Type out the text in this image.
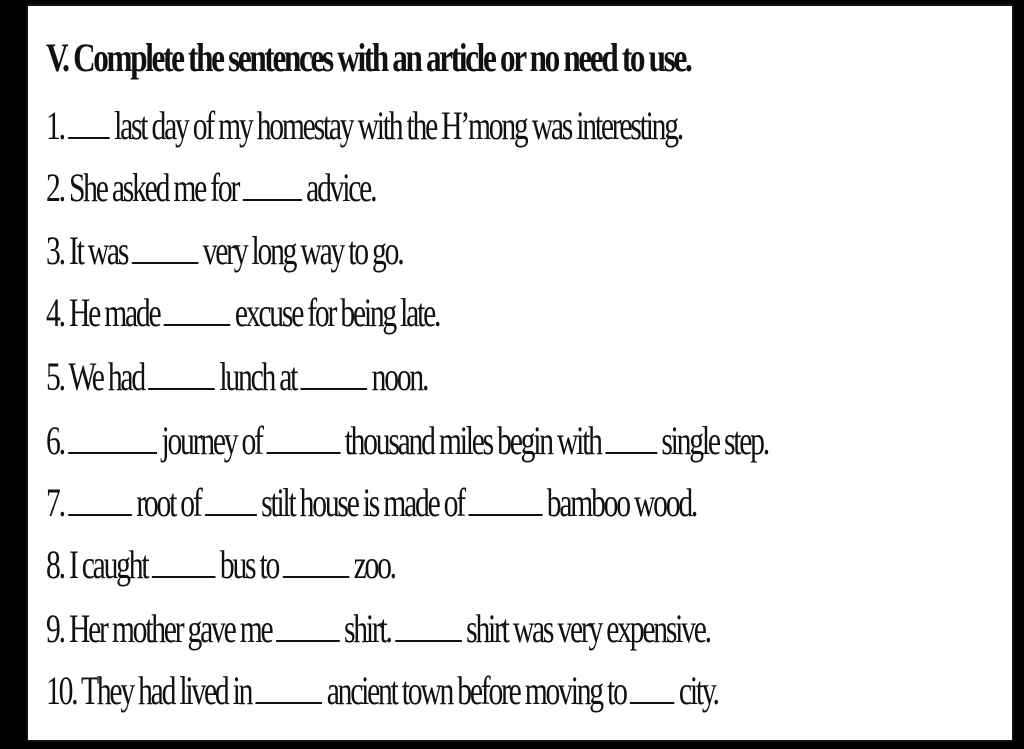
V. Complete the sentences with an article or no need to use.
1. last day of my homestay with the H’mong was interesting.
2. She asked me for advice.
3. It was very long way to go.
4. He made excuse for being late.
5. We had lunch at noon.
6. journey of thousand miles begin with single step.
7. root of stilt house is made of bamboo wood.
8. I caught bus to zoo.
9. Her mother gave me shirt. shirt was very expensive.
10. They had lived in ancient town before moving to city.
